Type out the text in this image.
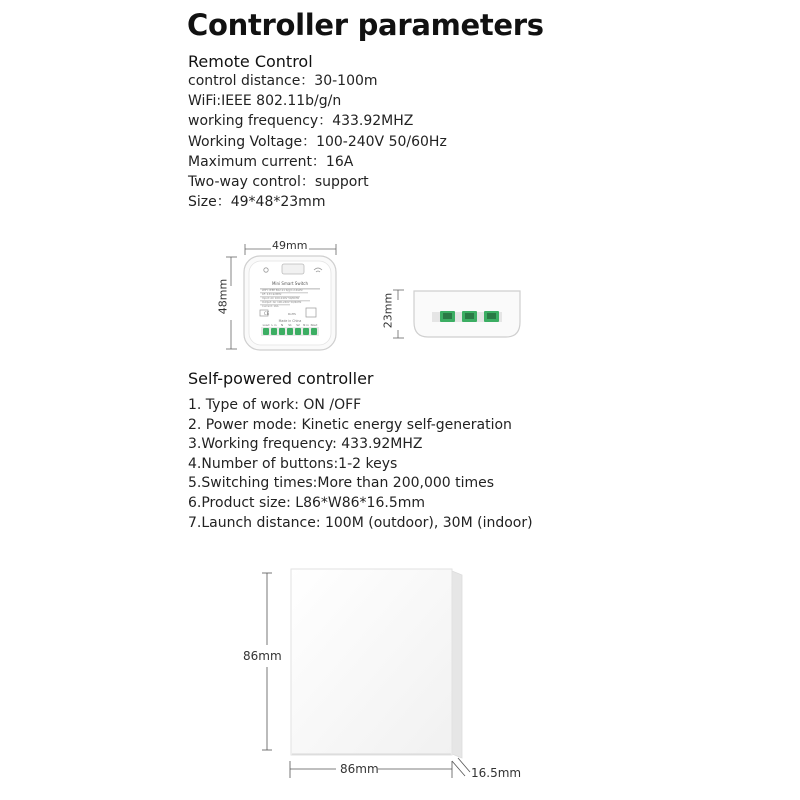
Controller parameters
Remote Control
control distance：30-100m
WiFi:IEEE 802.11b/g/n
working frequency：433.92MHZ
Working Voltage：100-240V 50/60Hz
Maximum current：16A
Two-way control：support
Size：49*48*23mm
49mm
48mm	Mini Smart Switch
Made in China
CE	RoHS
WIFI: IEEE 802.11 b/g/n 2.4GHz
RF: 433.92MHz
Input: AC 100-240V 50/60Hz
Output: AC 100-240V 50/60Hz
Current: 16A
Load L in N S1 S2 N in Nout	23mm
Self-powered controller
1. Type of work: ON /OFF
2. Power mode: Kinetic energy self-generation
3.Working frequency: 433.92MHZ
4.Number of buttons:1-2 keys
5.Switching times:More than 200,000 times
6.Product size: L86*W86*16.5mm
7.Launch distance: 100M (outdoor), 30M (indoor)
86mm
86mm	16.5mm
